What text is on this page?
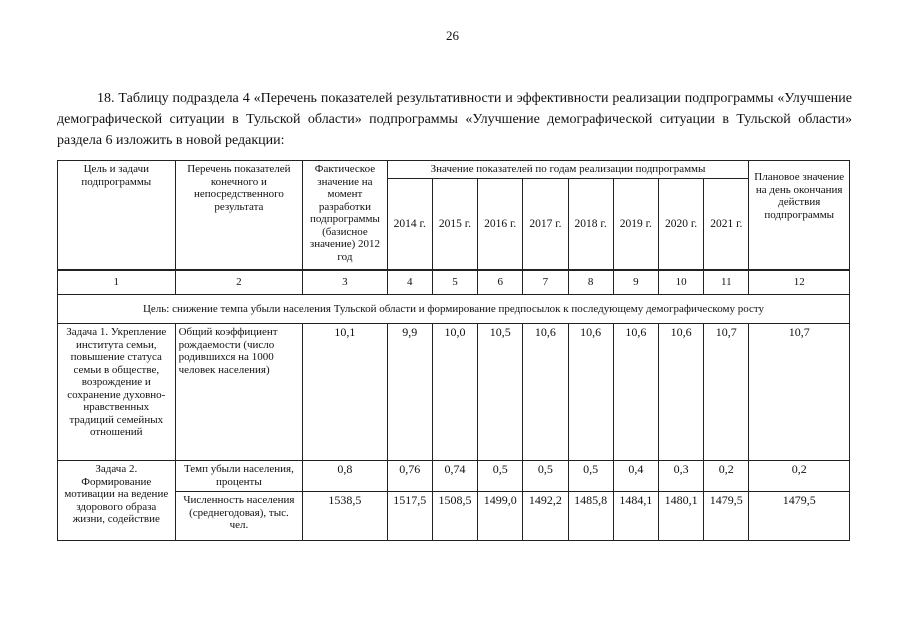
26
18. Таблицу подраздела 4 «Перечень показателей результативности и эффективности реализации подпрограммы «Улучшение демографической ситуации в Тульской области» подпрограммы «Улучшение демографической ситуации в Тульской области» раздела 6 изложить в новой редакции:
Цель и задачи подпрограммы	Перечень показателей конечного и непосредственного результата	Фактическое значение на момент разработки подпрограммы (базисное значение) 2012 год	Значение показателей по годам реализации подпрограммы								Плановое значение на день окончания действия подпрограммы
			2014 г.	2015 г.	2016 г.	2017 г.	2018 г.	2019 г.	2020 г.	2021 г.	
1	2	3	4	5	6	7	8	9	10	11	12
Цель: снижение темпа убыли населения Тульской области и формирование предпосылок к последующему демографическому росту											
Задача 1. Укрепление института семьи, повышение статуса семьи в обществе, возрождение и сохранение духовно-нравственных традиций семейных отношений	Общий коэффициент рождаемости (число родившихся на 1000 человек населения)	10,1	9,9	10,0	10,5	10,6	10,6	10,6	10,6	10,7	10,7
Задача 2. Формирование мотивации на ведение здорового образа жизни, содействие	Темп убыли населения, проценты	0,8	0,76	0,74	0,5	0,5	0,5	0,4	0,3	0,2	0,2
	Численность населения (среднегодовая), тыс. чел.	1538,5	1517,5	1508,5	1499,0	1492,2	1485,8	1484,1	1480,1	1479,5	1479,5
